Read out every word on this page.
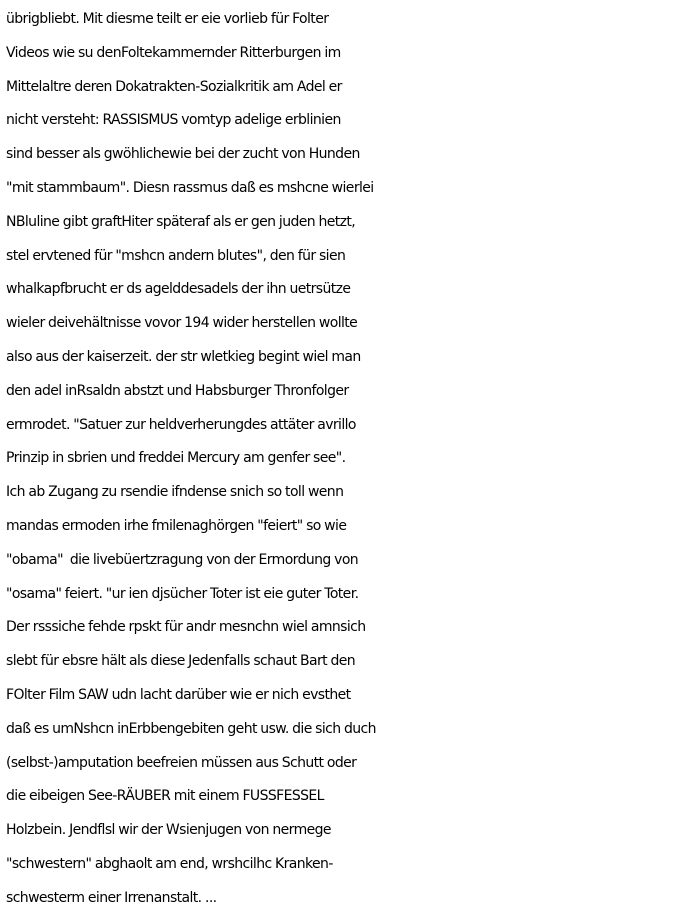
übrigbliebt. Mit diesme teilt er eie vorlieb für Folter
Videos wie su denFoltekammernder Ritterburgen im
Mittelaltre deren Dokatrakten-Sozialkritik am Adel er
nicht versteht: RASSISMUS vomtyp adelige erblinien
sind besser als gwöhlichewie bei der zucht von Hunden
"mit stammbaum". Diesn rassmus daß es mshcne wierlei
NBluline gibt graftHiter späteraf als er gen juden hetzt,
stel ervtened für "mshcn andern blutes", den für sien
whalkapfbrucht er ds agelddesadels der ihn uetrsütze
wieler deivehältnisse vovor 194 wider herstellen wollte
also aus der kaiserzeit. der str wletkieg begint wiel man
den adel inRsaldn abstzt und Habsburger Thronfolger
ermrodet. "Satuer zur heldverherungdes attäter avrillo
Prinzip in sbrien und freddei Mercury am genfer see".
Ich ab Zugang zu rsendie ifndense snich so toll wenn
mandas ermoden irhe fmilenaghörgen "feiert" so wie
"obama"  die livebüertzragung von der Ermordung von
"osama" feiert. "ur ien djsücher Toter ist eie guter Toter.
Der rsssiche fehde rpskt für andr mesnchn wiel amnsich
slebt für ebsre hält als diese Jedenfalls schaut Bart den
FOlter Film SAW udn lacht darüber wie er nich evsthet
daß es umNshcn inErbbengebiten geht usw. die sich duch
(selbst-)amputation beefreien müssen aus Schutt oder
die eibeigen See-RÄUBER mit einem FUSSFESSEL
Holzbein. Jendflsl wir der Wsienjugen von nermege
"schwestern" abghaolt am end, wrshcilhc Kranken-
schwesterm einer Irrenanstalt. ...
